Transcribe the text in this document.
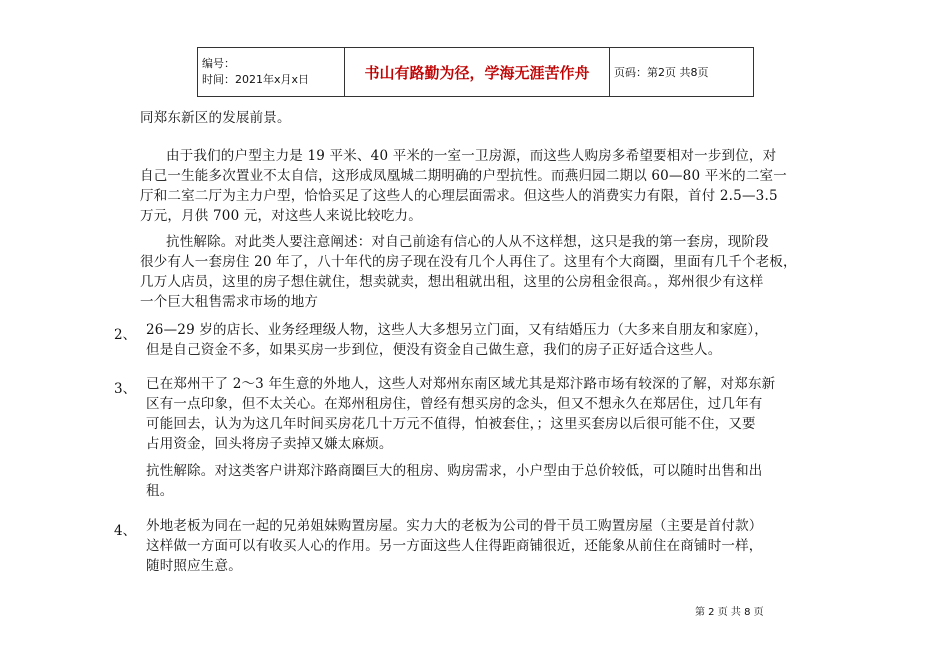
编号：
时间：2021年x月x日	书山有路勤为径，学海无涯苦作舟	页码：第2页 共8页
同郑东新区的发展前景。
由于我们的户型主力是 19 平米、40 平米的一室一卫房源，而这些人购房多希望要相对一步到位，对
自己一生能多次置业不太自信，这形成凤凰城二期明确的户型抗性。而燕归园二期以 60—80 平米的二室一
厅和二室二厅为主力户型，恰恰买足了这些人的心理层面需求。但这些人的消费实力有限，首付 2.5—3.5
万元，月供 700 元，对这些人来说比较吃力。
抗性解除。对此类人要注意阐述：对自己前途有信心的人从不这样想，这只是我的第一套房，现阶段
很少有人一套房住 20 年了，八十年代的房子现在没有几个人再住了。这里有个大商圈，里面有几千个老板，
几万人店员，这里的房子想住就住，想卖就卖，想出租就出租，这里的公房租金很高。，郑州很少有这样
一个巨大租售需求市场的地方
2、 26—29 岁的店长、业务经理级人物，这些人大多想另立门面，又有结婚压力（大多来自朋友和家庭），
但是自己资金不多，如果买房一步到位，便没有资金自己做生意，我们的房子正好适合这些人。
3、 已在郑州干了 2～3 年生意的外地人，这些人对郑州东南区域尤其是郑汴路市场有较深的了解，对郑东新
区有一点印象，但不太关心。在郑州租房住，曾经有想买房的念头，但又不想永久在郑居住，过几年有
可能回去，认为为这几年时间买房花几十万元不值得，怕被套住，；这里买套房以后很可能不住，又要
占用资金，回头将房子卖掉又嫌太麻烦。
抗性解除。对这类客户讲郑汴路商圈巨大的租房、购房需求，小户型由于总价较低，可以随时出售和出
租。
4、 外地老板为同在一起的兄弟姐妹购置房屋。实力大的老板为公司的骨干员工购置房屋（主要是首付款）
这样做一方面可以有收买人心的作用。另一方面这些人住得距商铺很近，还能象从前住在商铺时一样，
随时照应生意。
第 2 页 共 8 页
